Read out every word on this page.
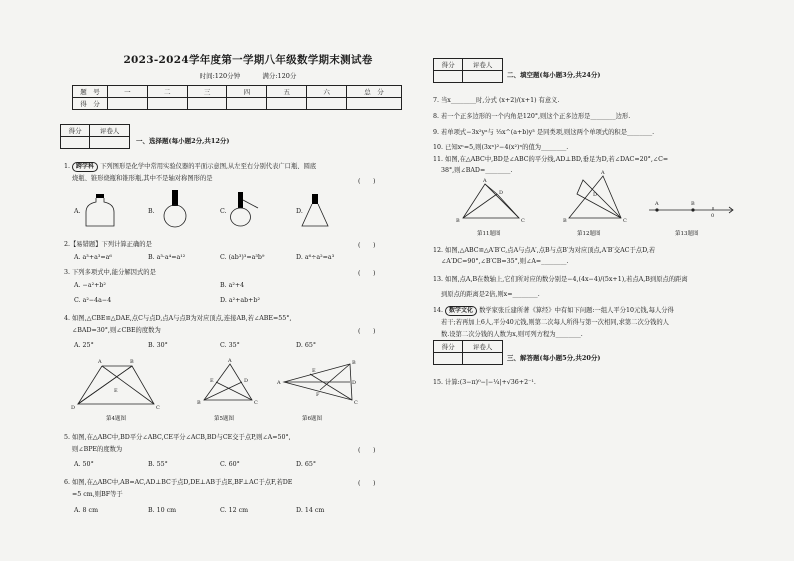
2023-2024学年度第一学期八年级数学期末测试卷
时间:120分钟	满分:120分
题　号	一	二	三	四	五	六	总　分
得　分							
得分	评卷人

一、选择题(每小题2分,共12分)
1. 跨学科 下列图形是化学中常用实验仪器的平面示意图,从左至右分别代表广口瓶、圆底
烧瓶、锥形烧瓶和锥形瓶,其中不是轴对称图形的是	(　　)
A.	B.	C.	D.
2.【易错题】下列计算正确的是	(　　)
A. a³+a³=a⁶	B. a³·a⁴=a¹²	C. (ab³)³=a³b⁹	D. a⁶÷a²=a³
3. 下列多项式中,能分解因式的是	(　　)
A. −a²+b²	B. a²+4
C. a²−4a−4	D. a²+ab+b²
4. 如图,△CBE≌△DAE,点C与点D,点A与点B为对应顶点,连接AB,若∠ABE=55°,
∠BAD=30°,则∠CBE的度数为	(　　)
A. 25°	B. 30°	C. 35°	D. 65°
A	B
D	C
E
A
B	C
D
E	A
B
C
D
E
F
第4题图	第5题图	第6题图
5. 如图,在△ABC中,BD平分∠ABC,CE平分∠ACB,BD与CE交于点P,则∠A=50°,
则∠BPE的度数为	(　　)
A. 50°	B. 55°	C. 60°	D. 65°
6. 如图,在△ABC中,AB=AC,AD⊥BC于点D,DE⊥AB于点E,BF⊥AC于点F,若DE
=5 cm,则BF等于
(　　)
A. 8 cm	B. 10 cm	C. 12 cm	D. 14 cm
得分	评卷人

二、填空题(每小题3分,共24分)
7. 当x________时,分式 (x+2)/(x+1) 有意义.
8. 若一个正多边形的一个内角是120°,则这个正多边形是________边形.
9. 若单项式−3x²yᵃ与 ⅓x^(a+b)y³ 是同类项,则这两个单项式的积是________.
10. 已知xⁿ=5,则(3xⁿ)²−4(x²)ⁿ的值为________.
11. 如图,在△ABC中,BD是∠ABC的平分线,AD⊥BD,垂足为D,若∠DAC=20°,∠C=
38°,则∠BAD=________.
A
B	C
D
A
B	C
D
A	B
0
第11题图	第12题图	第13题图
12. 如图,△ABC≌△A′B′C,点A与点A′,点B与点B′为对应顶点,A′B′交AC于点D,若
∠A′DC=90°,∠B′CB=35°,则∠A=________.
13. 如图,点A,B在数轴上,它们所对应的数分别是−4,(4x−4)/(5x+1),若点A,B到原点的距离
到原点的距离是2倍,则x=________.
14. 数学文化 数学家张丘建所著《算经》中有如下问题:一组人平分10元钱,每人分得
若干;若再加上6人,平分40元钱,则第二次每人所得与第一次相同,求第二次分钱的人
数.设第二次分钱的人数为x,则可列方程为________.
得分	评卷人

三、解答题(每小题5分,共20分)
15. 计算:(3−π)⁰−|−¼|+√36+2⁻¹.
